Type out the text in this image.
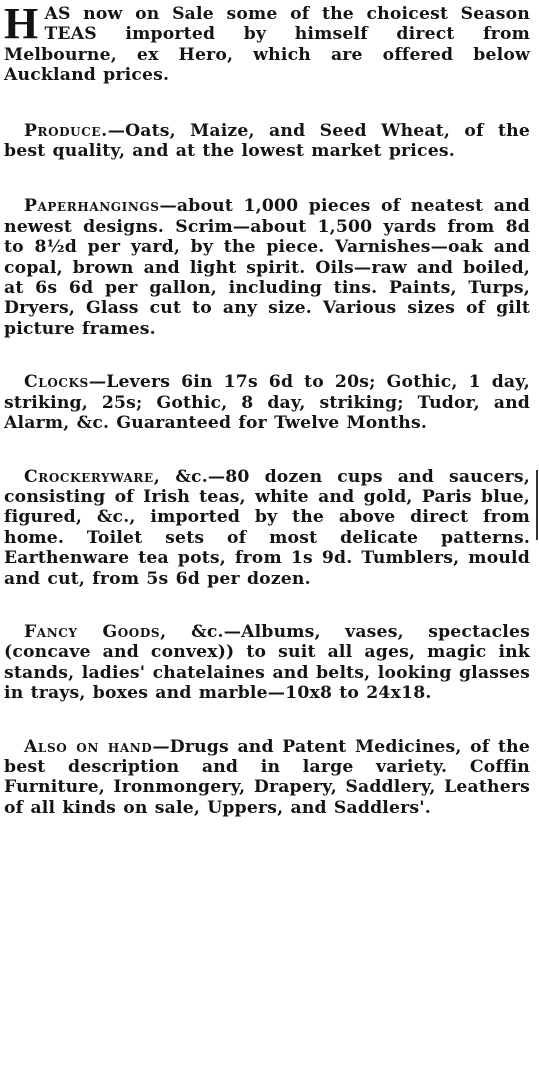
HAS now on Sale some of the choicest Season TEAS imported by himself direct from Melbourne, ex Hero, which are offered below Auckland prices.

Produce.—Oats, Maize, and Seed Wheat, of the best quality, and at the lowest market prices.

Paperhangings—about 1,000 pieces of neatest and newest designs. Scrim—about 1,500 yards from 8d to 8½d per yard, by the piece. Varnishes—oak and copal, brown and light spirit. Oils—raw and boiled, at 6s 6d per gallon, including tins. Paints, Turps, Dryers, Glass cut to any size. Various sizes of gilt picture frames.

Clocks—Levers 6in 17s 6d to 20s; Gothic, 1 day, striking, 25s; Gothic, 8 day, striking; Tudor, and Alarm, &c. Guaranteed for Twelve Months.

Crockeryware, &c.—80 dozen cups and saucers, consisting of Irish teas, white and gold, Paris blue, figured, &c., imported by the above direct from home. Toilet sets of most delicate patterns. Earthenware tea pots, from 1s 9d. Tumblers, mould and cut, from 5s 6d per dozen.

Fancy Goods, &c.—Albums, vases, spectacles (concave and convex)) to suit all ages, magic ink stands, ladies' chatelaines and belts, looking glasses in trays, boxes and marble—10x8 to 24x18.

Also on hand—Drugs and Patent Medicines, of the best description and in large variety. Coffin Furniture, Ironmongery, Drapery, Saddlery, Leathers of all kinds on sale, Uppers, and Saddlers'.
